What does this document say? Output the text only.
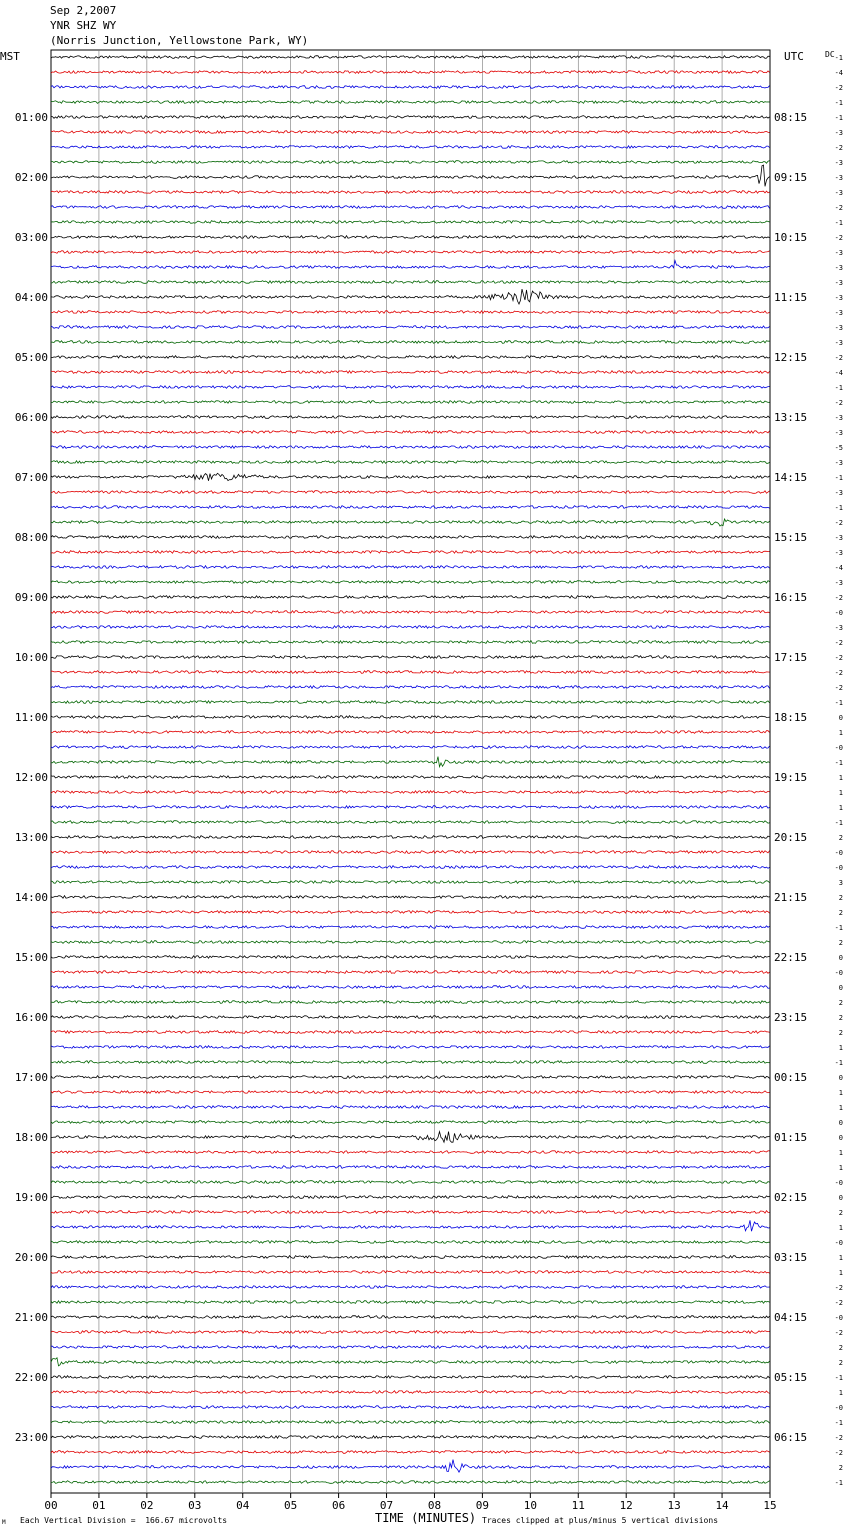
Sep 2,2007
YNR SHZ WY
(Norris Junction, Yellowstone Park, WY)
MST	UTC	DC -1
-4
-2
-1
-1
-3
-2
-3
-3
-3
-2
-1
-2
-3
-3
-3
-3
-3
-3
-3
-2
-4
-1
-2
-3
-3
-5
-3
-1
-3
-1
-2
-3
-3
-4
-3
-2
-0
-3
-2
-2
-2
-2
-1
0
1
-0
-1
1
1
1
-1
2
-0
-0
3
2
2
-1
2
0
-0
0
2
2
2
1
-1
0
1
1
0
0
1
1
-0
0
2
1
-0
1
1
-2
-2
-0
-2
2
2
-1
1
-0
-1
-2
-2
2
-1
01:00
02:00
03:00
04:00
05:00
06:00
07:00
08:00
09:00
10:00
11:00
12:00
13:00
14:00
15:00
16:00
17:00
18:00
19:00
20:00
21:00
22:00
23:00
08:15
09:15
10:15
11:15
12:15
13:15
14:15
15:15
16:15
17:15
18:15
19:15
20:15
21:15
22:15
23:15
00:15
01:15
02:15
03:15
04:15
05:15
06:15
00	01	02	03	04	05	06	07	08	09	10	11	12	13	14	15
TIME (MINUTES)
Each Vertical Division =  166.67 microvolts	Traces clipped at plus/minus 5 vertical divisions
M
